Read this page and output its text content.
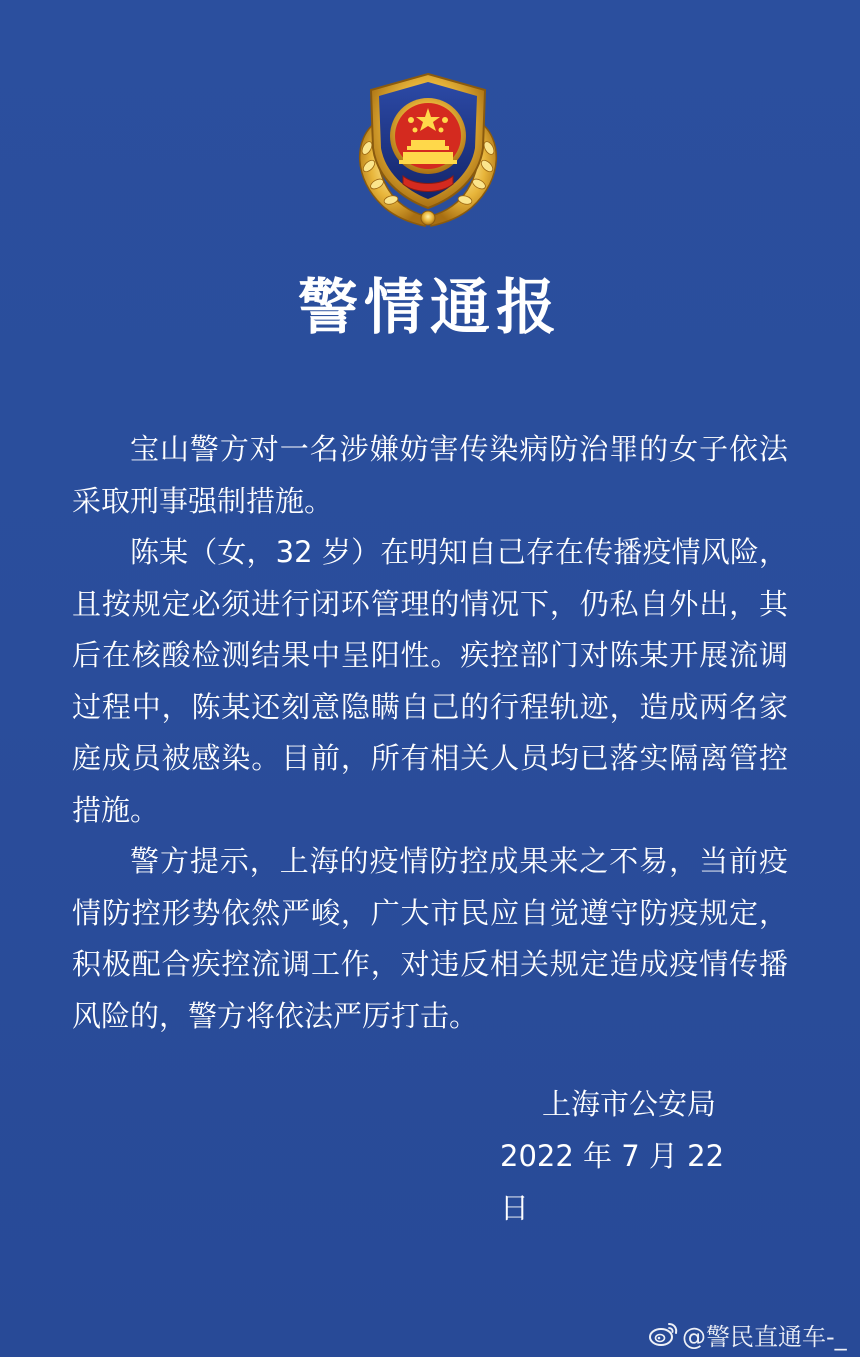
警情通报

宝山警方对一名涉嫌妨害传染病防治罪的女子依法采取刑事强制措施。

陈某（女，32 岁）在明知自己存在传播疫情风险，且按规定必须进行闭环管理的情况下，仍私自外出，其后在核酸检测结果中呈阳性。疾控部门对陈某开展流调过程中，陈某还刻意隐瞒自己的行程轨迹，造成两名家庭成员被感染。目前，所有相关人员均已落实隔离管控措施。

警方提示，上海的疫情防控成果来之不易，当前疫情防控形势依然严峻，广大市民应自觉遵守防疫规定，积极配合疾控流调工作，对违反相关规定造成疫情传播风险的，警方将依法严厉打击。

上海市公安局
2022 年 7 月 22 日
@警民直通车-_
